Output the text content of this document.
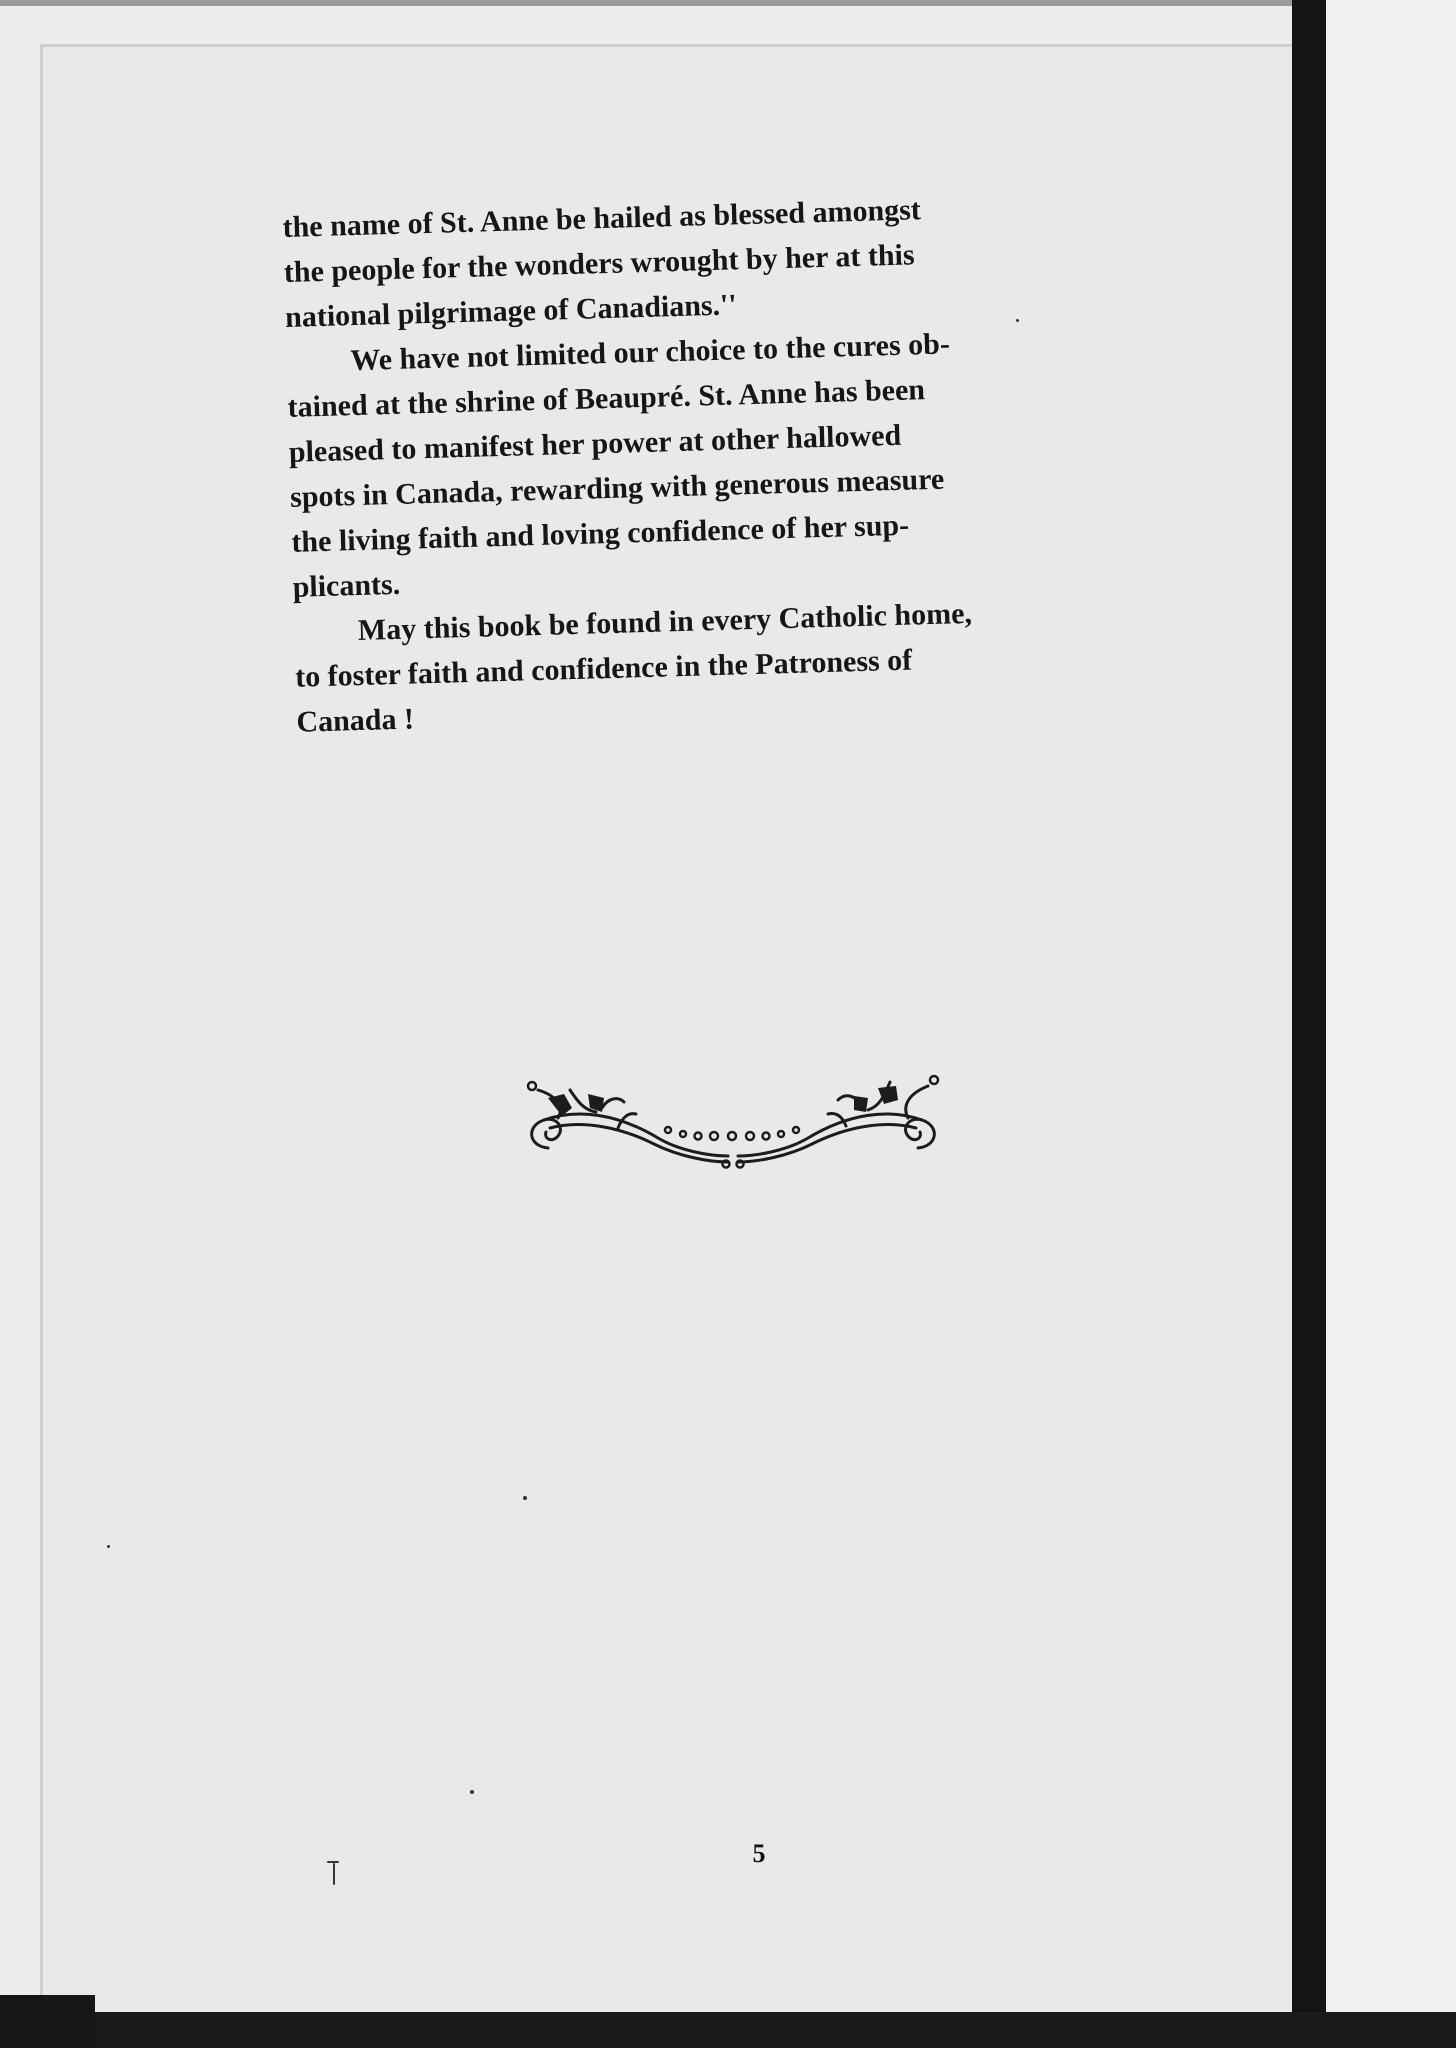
the name of St. Anne be hailed as blessed amongst
the people for the wonders wrought by her at this
national pilgrimage of Canadians.''

We have not limited our choice to the cures ob-
tained at the shrine of Beaupré. St. Anne has been
pleased to manifest her power at other hallowed
spots in Canada, rewarding with generous measure
the living faith and loving confidence of her sup-
plicants.

May this book be found in every Catholic home,
to foster faith and confidence in the Patroness of
Canada !

5
